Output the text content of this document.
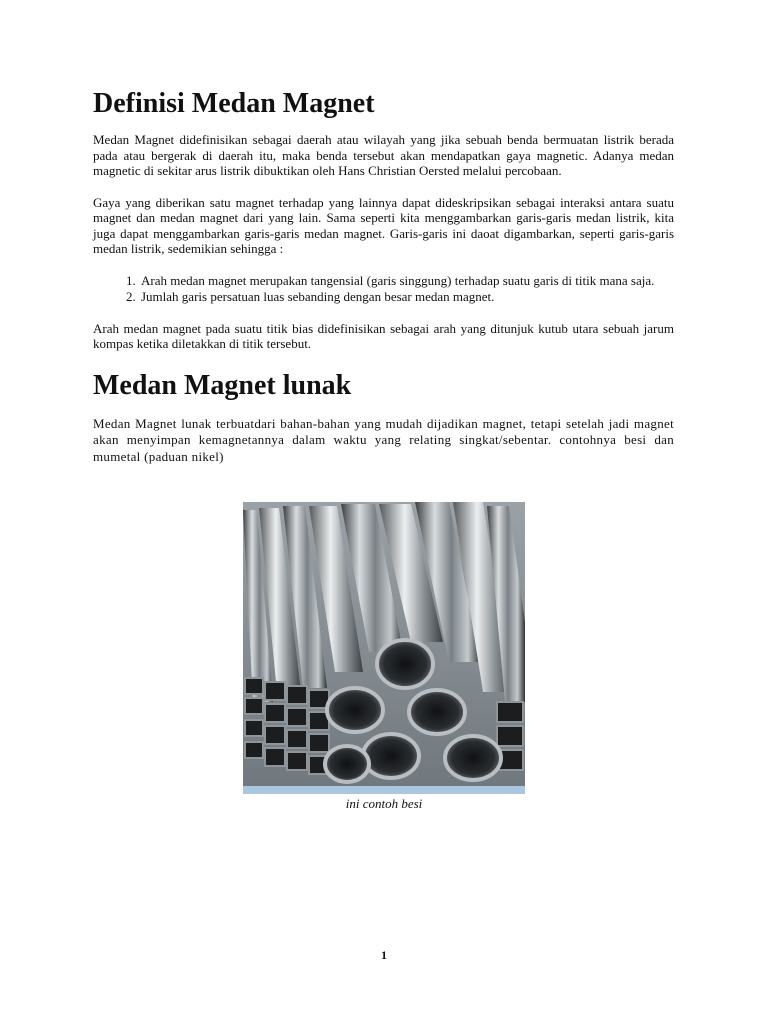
Definisi Medan Magnet

Medan Magnet didefinisikan sebagai daerah atau wilayah yang jika sebuah benda bermuatan listrik berada pada atau bergerak di daerah itu, maka benda tersebut akan mendapatkan gaya magnetic. Adanya medan magnetic di sekitar arus listrik dibuktikan oleh Hans Christian Oersted melalui percobaan.

Gaya yang diberikan satu magnet terhadap yang lainnya dapat dideskripsikan sebagai interaksi antara suatu magnet dan medan magnet dari yang lain. Sama seperti kita menggambarkan garis-garis medan listrik, kita juga dapat menggambarkan garis-garis medan magnet. Garis-garis ini daoat digambarkan, seperti garis-garis medan listrik, sedemikian sehingga :

1. Arah medan magnet merupakan tangensial (garis singgung) terhadap suatu garis di titik mana saja.
2. Jumlah garis persatuan luas sebanding dengan besar medan magnet.

Arah medan magnet pada suatu titik bias didefinisikan sebagai arah yang ditunjuk kutub utara sebuah jarum kompas ketika diletakkan di titik tersebut.

Medan Magnet lunak

Medan Magnet lunak terbuatdari bahan-bahan yang mudah dijadikan magnet, tetapi setelah jadi magnet akan menyimpan kemagnetannya dalam waktu yang relating singkat/sebentar. contohnya besi dan mumetal (paduan nikel)

ini contoh besi
1
